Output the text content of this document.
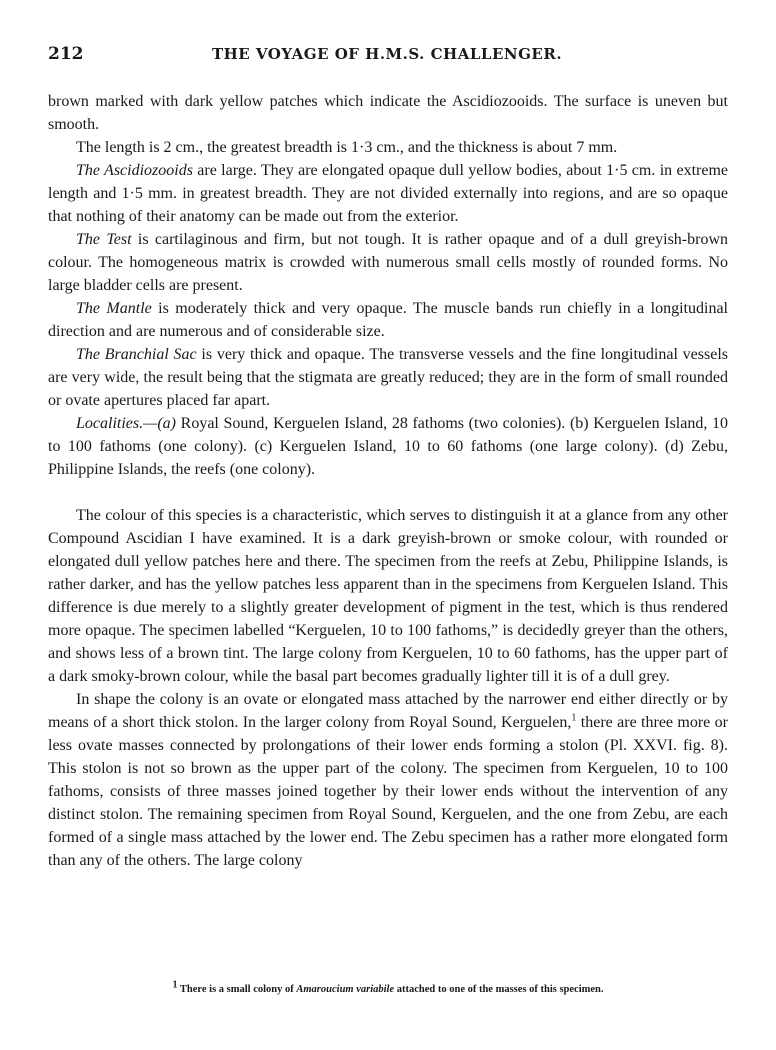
212	THE VOYAGE OF H.M.S. CHALLENGER.

brown marked with dark yellow patches which indicate the Ascidiozooids. The surface is uneven but smooth.

The length is 2 cm., the greatest breadth is 1·3 cm., and the thickness is about 7 mm.

The Ascidiozooids are large. They are elongated opaque dull yellow bodies, about 1·5 cm. in extreme length and 1·5 mm. in greatest breadth. They are not divided externally into regions, and are so opaque that nothing of their anatomy can be made out from the exterior.

The Test is cartilaginous and firm, but not tough. It is rather opaque and of a dull greyish-brown colour. The homogeneous matrix is crowded with numerous small cells mostly of rounded forms. No large bladder cells are present.

The Mantle is moderately thick and very opaque. The muscle bands run chiefly in a longitudinal direction and are numerous and of considerable size.

The Branchial Sac is very thick and opaque. The transverse vessels and the fine longitudinal vessels are very wide, the result being that the stigmata are greatly reduced; they are in the form of small rounded or ovate apertures placed far apart.

Localities.—(a) Royal Sound, Kerguelen Island, 28 fathoms (two colonies). (b) Kerguelen Island, 10 to 100 fathoms (one colony). (c) Kerguelen Island, 10 to 60 fathoms (one large colony). (d) Zebu, Philippine Islands, the reefs (one colony).

The colour of this species is a characteristic, which serves to distinguish it at a glance from any other Compound Ascidian I have examined. It is a dark greyish-brown or smoke colour, with rounded or elongated dull yellow patches here and there. The specimen from the reefs at Zebu, Philippine Islands, is rather darker, and has the yellow patches less apparent than in the specimens from Kerguelen Island. This difference is due merely to a slightly greater development of pigment in the test, which is thus rendered more opaque. The specimen labelled “Kerguelen, 10 to 100 fathoms,” is decidedly greyer than the others, and shows less of a brown tint. The large colony from Kerguelen, 10 to 60 fathoms, has the upper part of a dark smoky-brown colour, while the basal part becomes gradually lighter till it is of a dull grey.

In shape the colony is an ovate or elongated mass attached by the narrower end either directly or by means of a short thick stolon. In the larger colony from Royal Sound, Kerguelen,$^1$ there are three more or less ovate masses connected by prolongations of their lower ends forming a stolon (Pl. XXVI. fig. 8). This stolon is not so brown as the upper part of the colony. The specimen from Kerguelen, 10 to 100 fathoms, consists of three masses joined together by their lower ends without the intervention of any distinct stolon. The remaining specimen from Royal Sound, Kerguelen, and the one from Zebu, are each formed of a single mass attached by the lower end. The Zebu specimen has a rather more elongated form than any of the others. The large colony

$^1$ There is a small colony of Amaroucium variabile attached to one of the masses of this specimen.
